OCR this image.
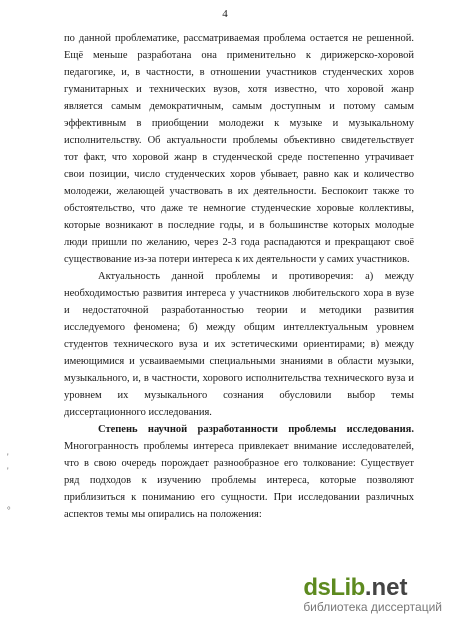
4
'
'
°
по данной проблематике, рассматриваемая проблема остается не решенной.
Ещё меньше разработана она применительно к дирижерско-хоровой
педагогике, и, в частности, в отношении участников студенческих хоров
гуманитарных и технических вузов, хотя известно, что хоровой жанр
является самым демократичным, самым доступным и потому самым
эффективным в приобщении молодежи к музыке и музыкальному
исполнительству. Об актуальности проблемы объективно свидетельствует
тот факт, что хоровой жанр в студенческой среде постепенно утрачивает
свои позиции, число студенческих хоров убывает, равно как и количество
молодежи, желающей участвовать в их деятельности. Беспокоит также то
обстоятельство, что даже те немногие студенческие хоровые коллективы,
которые возникают в последние годы, и в большинстве которых молодые
люди пришли по желанию, через 2-3 года распадаются и прекращают своё
существование из-за потери интереса к их деятельности у самих участников.
Актуальность данной проблемы и противоречия: а) между
необходимостью развития интереса у участников любительского хора в вузе
и недостаточной разработанностью теории и методики развития
исследуемого феномена; б) между общим интеллектуальным уровнем
студентов технического вуза и их эстетическими ориентирами; в) между
имеющимися и усваиваемыми специальными знаниями в области музыки,
музыкального, и, в частности, хорового исполнительства технического вуза и
уровнем их музыкального сознания обусловили выбор темы
диссертационного исследования.
Степень научной разработанности проблемы исследования.
Многогранность проблемы интереса привлекает внимание исследователей,
что в свою очередь порождает разнообразное его толкование: Существует
ряд подходов к изучению проблемы интереса, которые позволяют
приблизиться к пониманию его сущности. При исследовании различных
аспектов темы мы опирались на положения:
dsLib .net
библиотека диссертаций
